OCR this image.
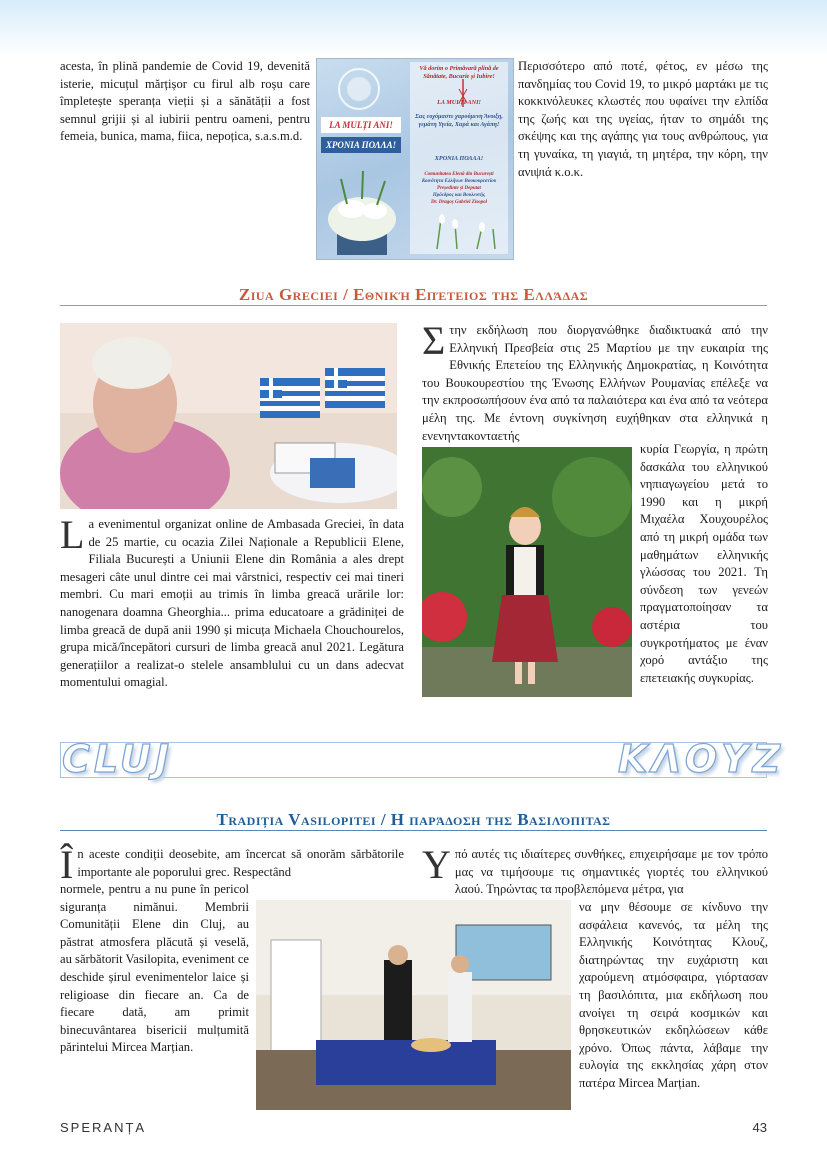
acesta, în plină pandemie de Covid 19, devenită isterie, micuțul mărțișor cu firul alb roșu care împletește speranța vieții și a sănătății a fost semnul grijii și al iubirii pentru oameni, pentru femeia, bunica, mama, fiica, nepoțica, s.a.s.m.d.

Περισσότερο από ποτέ, φέτος, εν μέσω της πανδημίας του Covid 19, το μικρό μαρτάκι με τις κοκκινόλευκες κλωστές που υφαίνει την ελπίδα της ζωής και της υγείας, ήταν το σημάδι της σκέψης και της αγάπης για τους ανθρώπους, για τη γυναίκα, τη γιαγιά, τη μητέρα, την κόρη, την ανιψιά κ.ο.κ.

Vă dorim o Primăvară plină de Sănătate, Bucurie și Iubire!
LA MULȚI ANI!
Σας ευχόμαστε χαρούμενη Άνοιξη, γεμάτη Υγεία, Χαρά και Αγάπη!
ΧΡΟΝΙΑ ΠΟΛΛΑ!
Comunitatea Elenă din București
Κοινότητα Ελλήνων Βουκουρεστίου
Președinte și Deputat
Πρόεδρος και Βουλευτής
Dr. Dragoș Gabriel Zisopol
LA MULȚI ANI!
ΧΡΟΝΙΑ ΠΟΛΛΑ!
Ziua Greciei / Εθνική Επέτειος της Ελλάδας

La evenimentul organizat online de Ambasada Greciei, în data de 25 martie, cu ocazia Zilei Naționale a Republicii Elene, Filiala București a Uniunii Elene din România a ales drept mesageri câte unul dintre cei mai vârstnici, respectiv cei mai tineri membri. Cu mari emoții au trimis în limba greacă urările lor: nanogenara doamna Gheorghia... prima educatoare a grădiniței de limba greacă de după anii 1990 și micuța Michaela Chouchourelos, grupa mică/începători cursuri de limba greacă anul 2021. Legătura generațiilor a realizat-o stelele ansamblului cu un dans adecvat momentului omagial.

Στην εκδήλωση που διοργανώθηκε διαδικτυακά από την Ελληνική Πρεσβεία στις 25 Μαρτίου με την ευκαιρία της Εθνικής Επετείου της Ελληνικής Δημοκρατίας, η Κοινότητα του Βουκουρεστίου της Ένωσης Ελλήνων Ρουμανίας επέλεξε να την εκπροσωπήσουν ένα από τα παλαιότερα και ένα από τα νεότερα μέλη της. Με έντονη συγκίνηση ευχήθηκαν στα ελληνικά η ενενηντακονταετής

κυρία Γεωργία, η πρώτη δασκάλα του ελληνικού νηπιαγωγείου μετά το 1990 και η μικρή Μιχαέλα Χουχουρέλος από τη μικρή ομάδα των μαθημάτων ελληνικής γλώσσας του 2021. Τη σύνδεση των γενεών πραγματοποίησαν τα αστέρια του συγκροτήματος με έναν χορό αντάξιο της επετειακής συγκυρίας.

CLUJ	ΚΛΟΥΖ
Tradiția Vasilopitei / Η παράδοση της Βασιλόπιτας

În aceste condiții deosebite, am încercat să onorăm sărbătorile importante ale poporului grec. Respectând

normele, pentru a nu pune în pericol siguranța nimănui. Membrii Comunității Elene din Cluj, au păstrat atmosfera plăcută și veselă, au sărbătorit Vasilopita, eveniment ce deschide șirul evenimentelor laice și religioase din fiecare an. Ca de fiecare dată, am primit binecuvântarea bisericii mulțumită părintelui Mircea Marțian.

Υπό αυτές τις ιδιαίτερες συνθήκες, επιχειρήσαμε με τον τρόπο μας να τιμήσουμε τις σημαντικές γιορτές του ελληνικού λαού. Τηρώντας τα προβλεπόμενα μέτρα, για

να μην θέσουμε σε κίνδυνο την ασφάλεια κανενός, τα μέλη της Ελληνικής Κοινότητας Κλουζ, διατηρώντας την ευχάριστη και χαρούμενη ατμόσφαιρα, γιόρτασαν τη βασιλόπιτα, μια εκδήλωση που ανοίγει τη σειρά κοσμικών και θρησκευτικών εκδηλώσεων κάθε χρόνο. Όπως πάντα, λάβαμε την ευλογία της εκκλησίας χάρη στον πατέρα Mircea Marțian.

SPERANȚA	43
